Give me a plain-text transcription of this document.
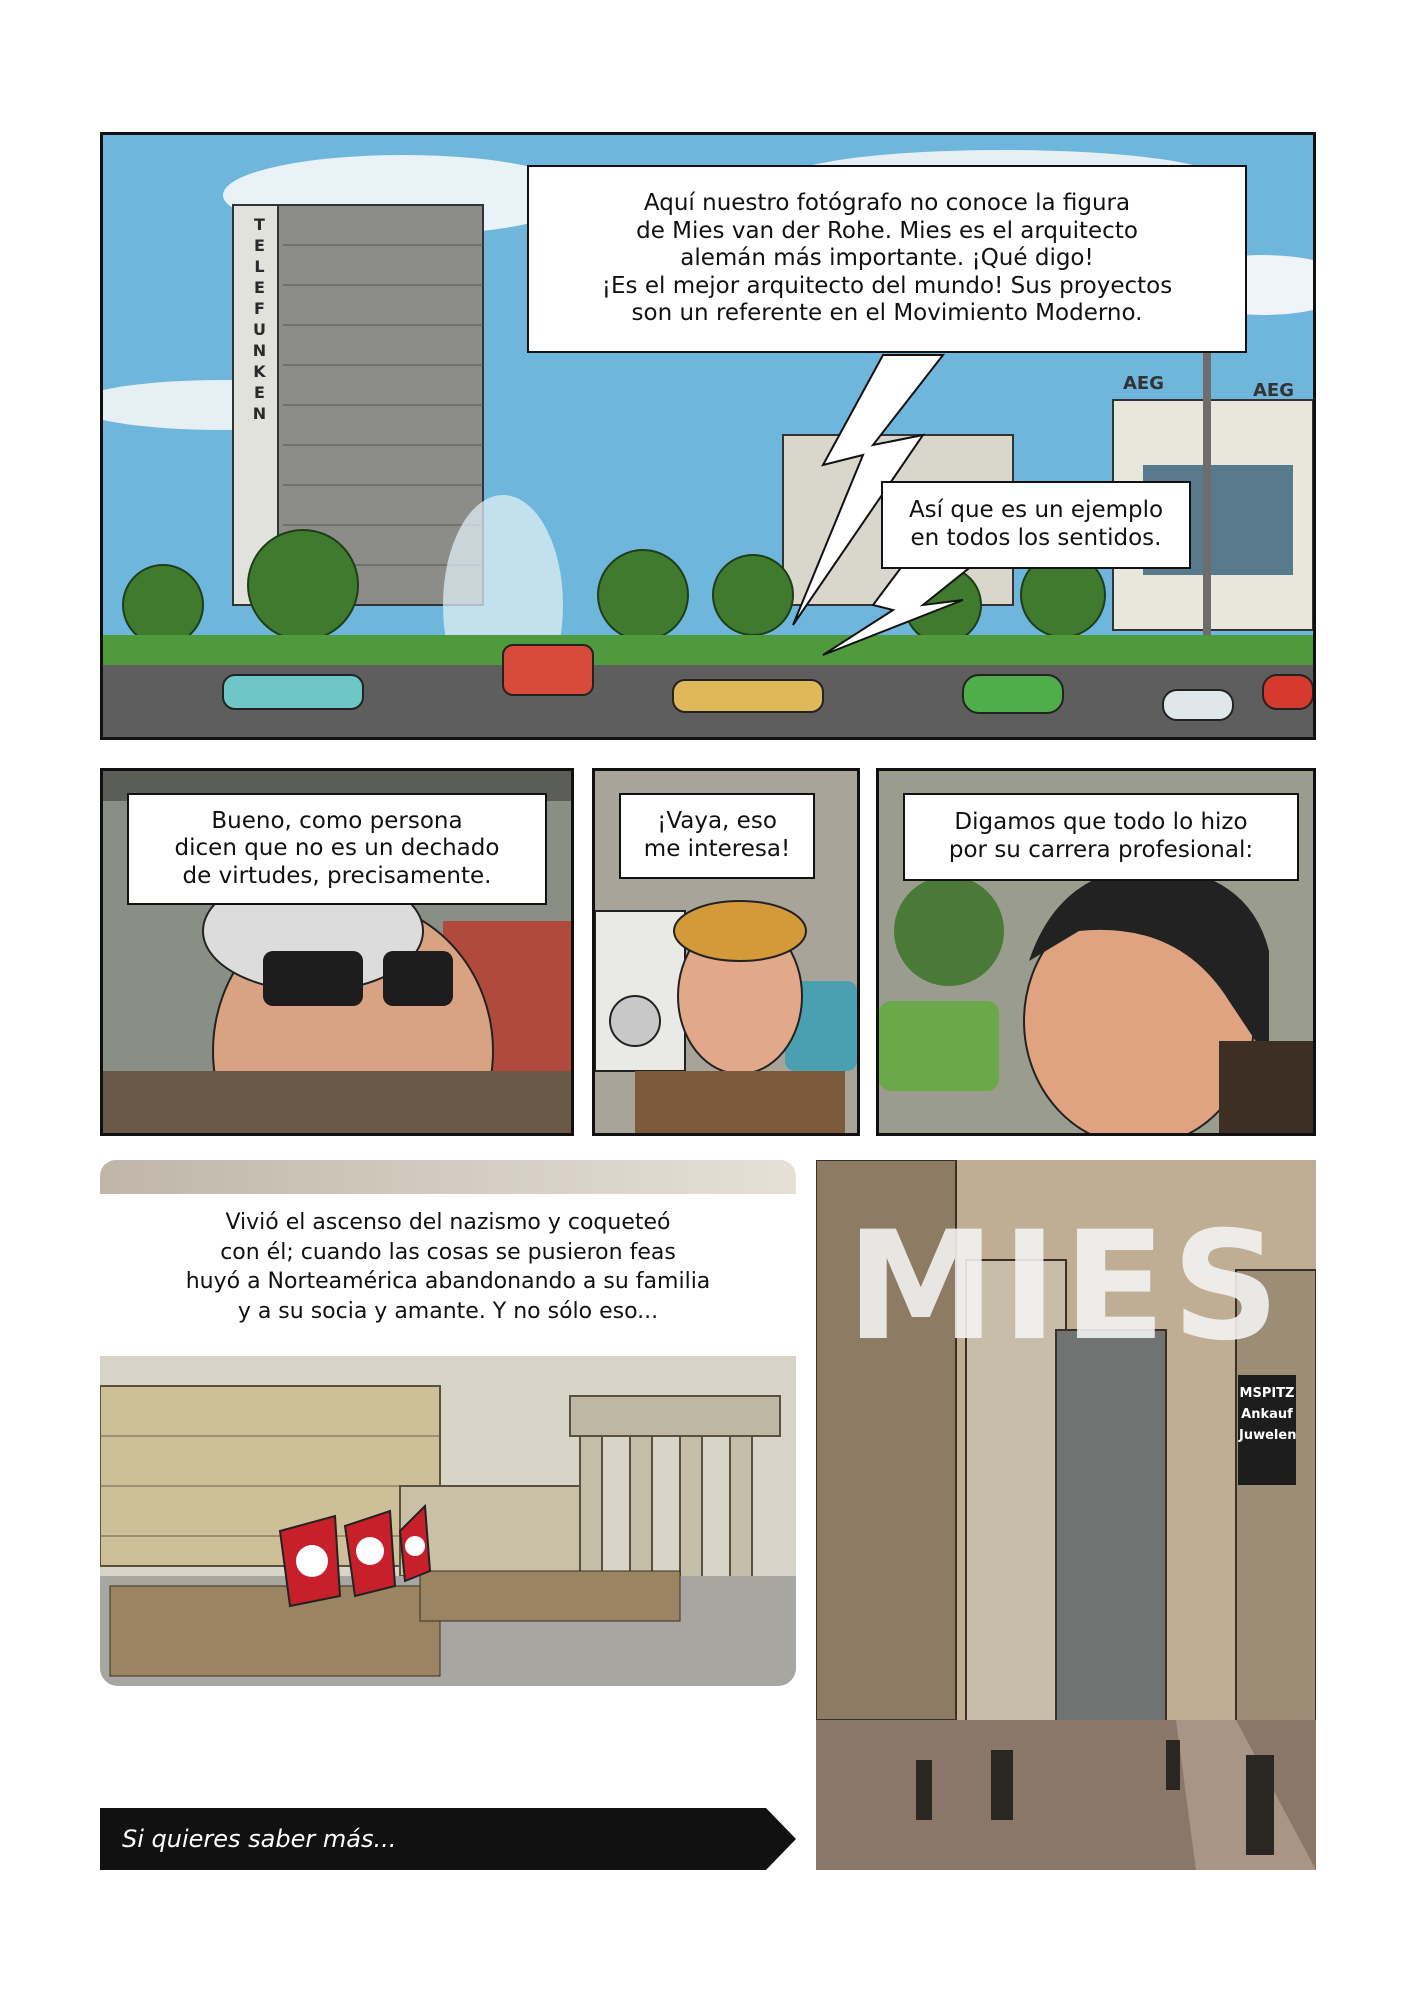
TELEFUNKEN	AEG	AEG
Aquí nuestro fotógrafo no conoce la figura
de Mies van der Rohe. Mies es el arquitecto
alemán más importante. ¡Qué digo!
¡Es el mejor arquitecto del mundo! Sus proyectos
son un referente en el Movimiento Moderno.
Así que es un ejemplo
en todos los sentidos.
Bueno, como persona
dicen que no es un dechado
de virtudes, precisamente.
¡Vaya, eso
me interesa!
Digamos que todo lo hizo
por su carrera profesional:
Vivió el ascenso del nazismo y coqueteó
con él; cuando las cosas se pusieron feas
huyó a Norteamérica abandonando a su familia
y a su socia y amante. Y no sólo eso...	MIES
MSPITZ
Ankauf
Juwelen
Si quieres saber más...
